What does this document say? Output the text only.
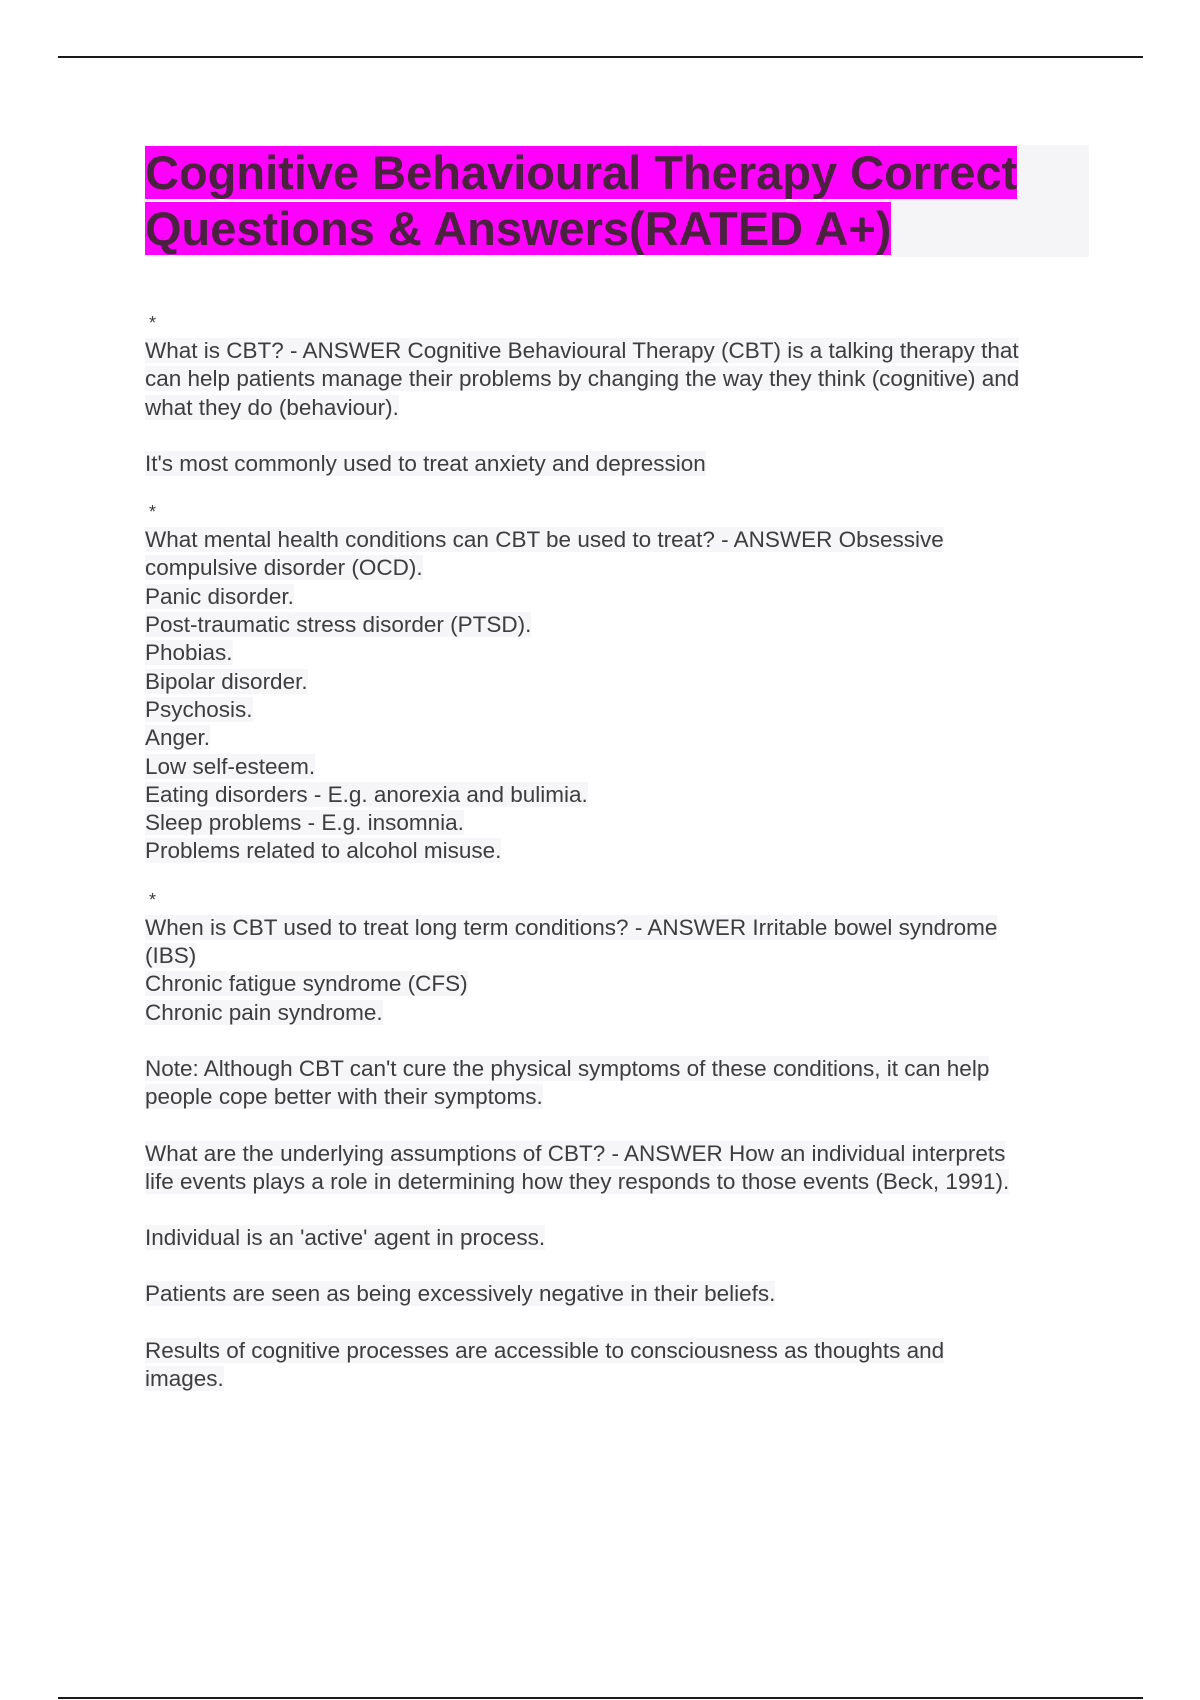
Cognitive Behavioural Therapy Correct
Questions & Answers(RATED A+)
*

What is CBT? - ANSWER Cognitive Behavioural Therapy (CBT) is a talking therapy that
can help patients manage their problems by changing the way they think (cognitive) and
what they do (behaviour).

It's most commonly used to treat anxiety and depression

*

What mental health conditions can CBT be used to treat? - ANSWER Obsessive
compulsive disorder (OCD).
Panic disorder.
Post-traumatic stress disorder (PTSD).
Phobias.
Bipolar disorder.
Psychosis.
Anger.
Low self-esteem.
Eating disorders - E.g. anorexia and bulimia.
Sleep problems - E.g. insomnia.
Problems related to alcohol misuse.

*

When is CBT used to treat long term conditions? - ANSWER Irritable bowel syndrome
(IBS)
Chronic fatigue syndrome (CFS)
Chronic pain syndrome.

Note: Although CBT can't cure the physical symptoms of these conditions, it can help
people cope better with their symptoms.

What are the underlying assumptions of CBT? - ANSWER How an individual interprets
life events plays a role in determining how they responds to those events (Beck, 1991).

Individual is an 'active' agent in process.

Patients are seen as being excessively negative in their beliefs.

Results of cognitive processes are accessible to consciousness as thoughts and
images.
